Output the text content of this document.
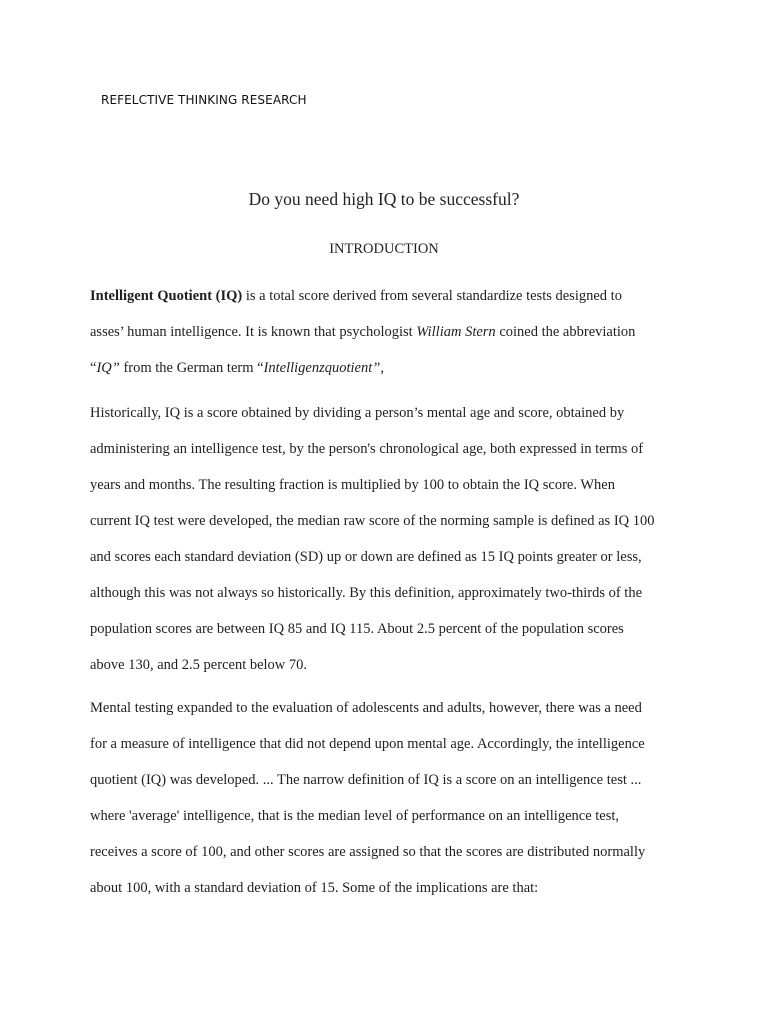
REFELCTIVE THINKING RESEARCH
Do you need high IQ to be successful?
INTRODUCTION
Intelligent Quotient (IQ) is a total score derived from several standardize tests designed to
asses’ human intelligence. It is known that psychologist William Stern coined the abbreviation
“IQ” from the German term “Intelligenzquotient”,
Historically, IQ is a score obtained by dividing a person’s mental age and score, obtained by
administering an intelligence test, by the person's chronological age, both expressed in terms of
years and months. The resulting fraction is multiplied by 100 to obtain the IQ score. When
current IQ test were developed, the median raw score of the norming sample is defined as IQ 100
and scores each standard deviation (SD) up or down are defined as 15 IQ points greater or less,
although this was not always so historically. By this definition, approximately two-thirds of the
population scores are between IQ 85 and IQ 115. About 2.5 percent of the population scores
above 130, and 2.5 percent below 70.
Mental testing expanded to the evaluation of adolescents and adults, however, there was a need
for a measure of intelligence that did not depend upon mental age. Accordingly, the intelligence
quotient (IQ) was developed. ... The narrow definition of IQ is a score on an intelligence test ...
where 'average' intelligence, that is the median level of performance on an intelligence test,
receives a score of 100, and other scores are assigned so that the scores are distributed normally
about 100, with a standard deviation of 15. Some of the implications are that:
